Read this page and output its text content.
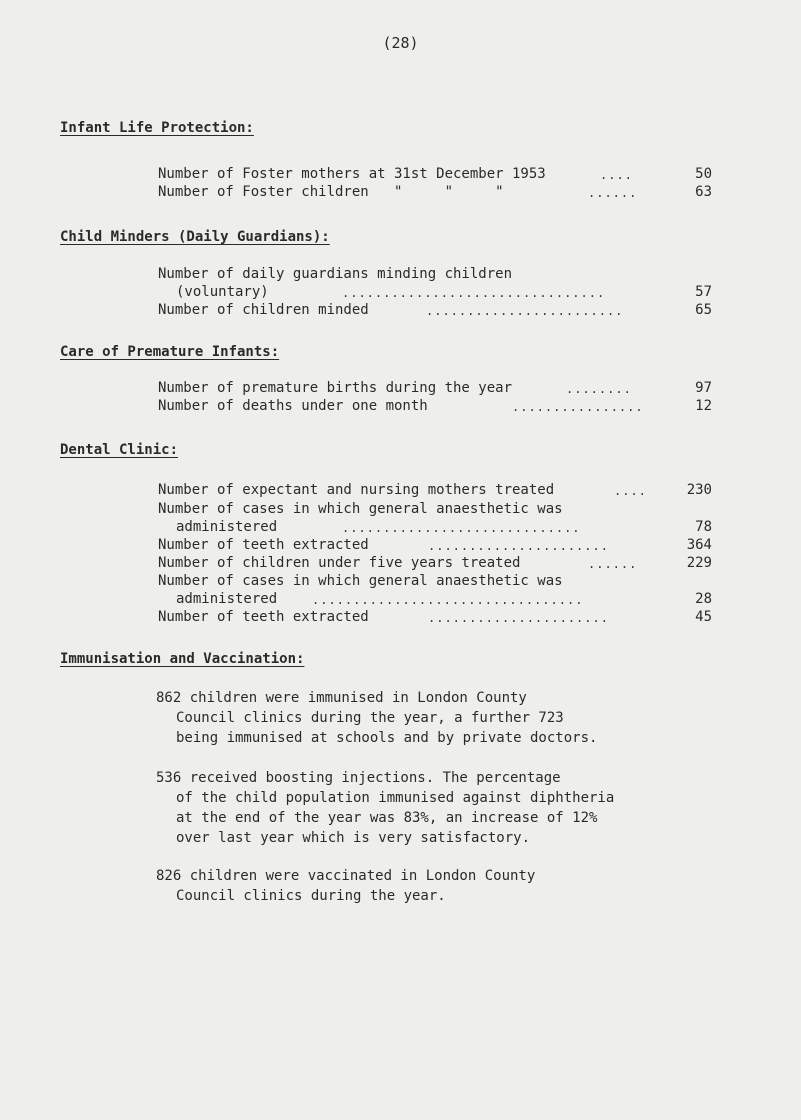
(28)
Infant Life Protection:
Number of Foster mothers at 31st December 1953	....	50
Number of Foster children   "     "     "	......	63
Child Minders (Daily Guardians):
Number of daily guardians minding children
(voluntary)	................................	57
Number of children minded	........................	65
Care of Premature Infants:
Number of premature births during the year	........	97
Number of deaths under one month	................	12
Dental Clinic:
Number of expectant and nursing mothers treated	....	230
Number of cases in which general anaesthetic was
administered	.............................	78
Number of teeth extracted	......................	364
Number of children under five years treated	......	229
Number of cases in which general anaesthetic was
administered	.................................	28
Number of teeth extracted	......................	45
Immunisation and Vaccination:
862 children were immunised in London County
Council clinics during the year, a further 723
being immunised at schools and by private doctors.
536 received boosting injections. The percentage
of the child population immunised against diphtheria
at the end of the year was 83%, an increase of 12%
over last year which is very satisfactory.
826 children were vaccinated in London County
Council clinics during the year.
